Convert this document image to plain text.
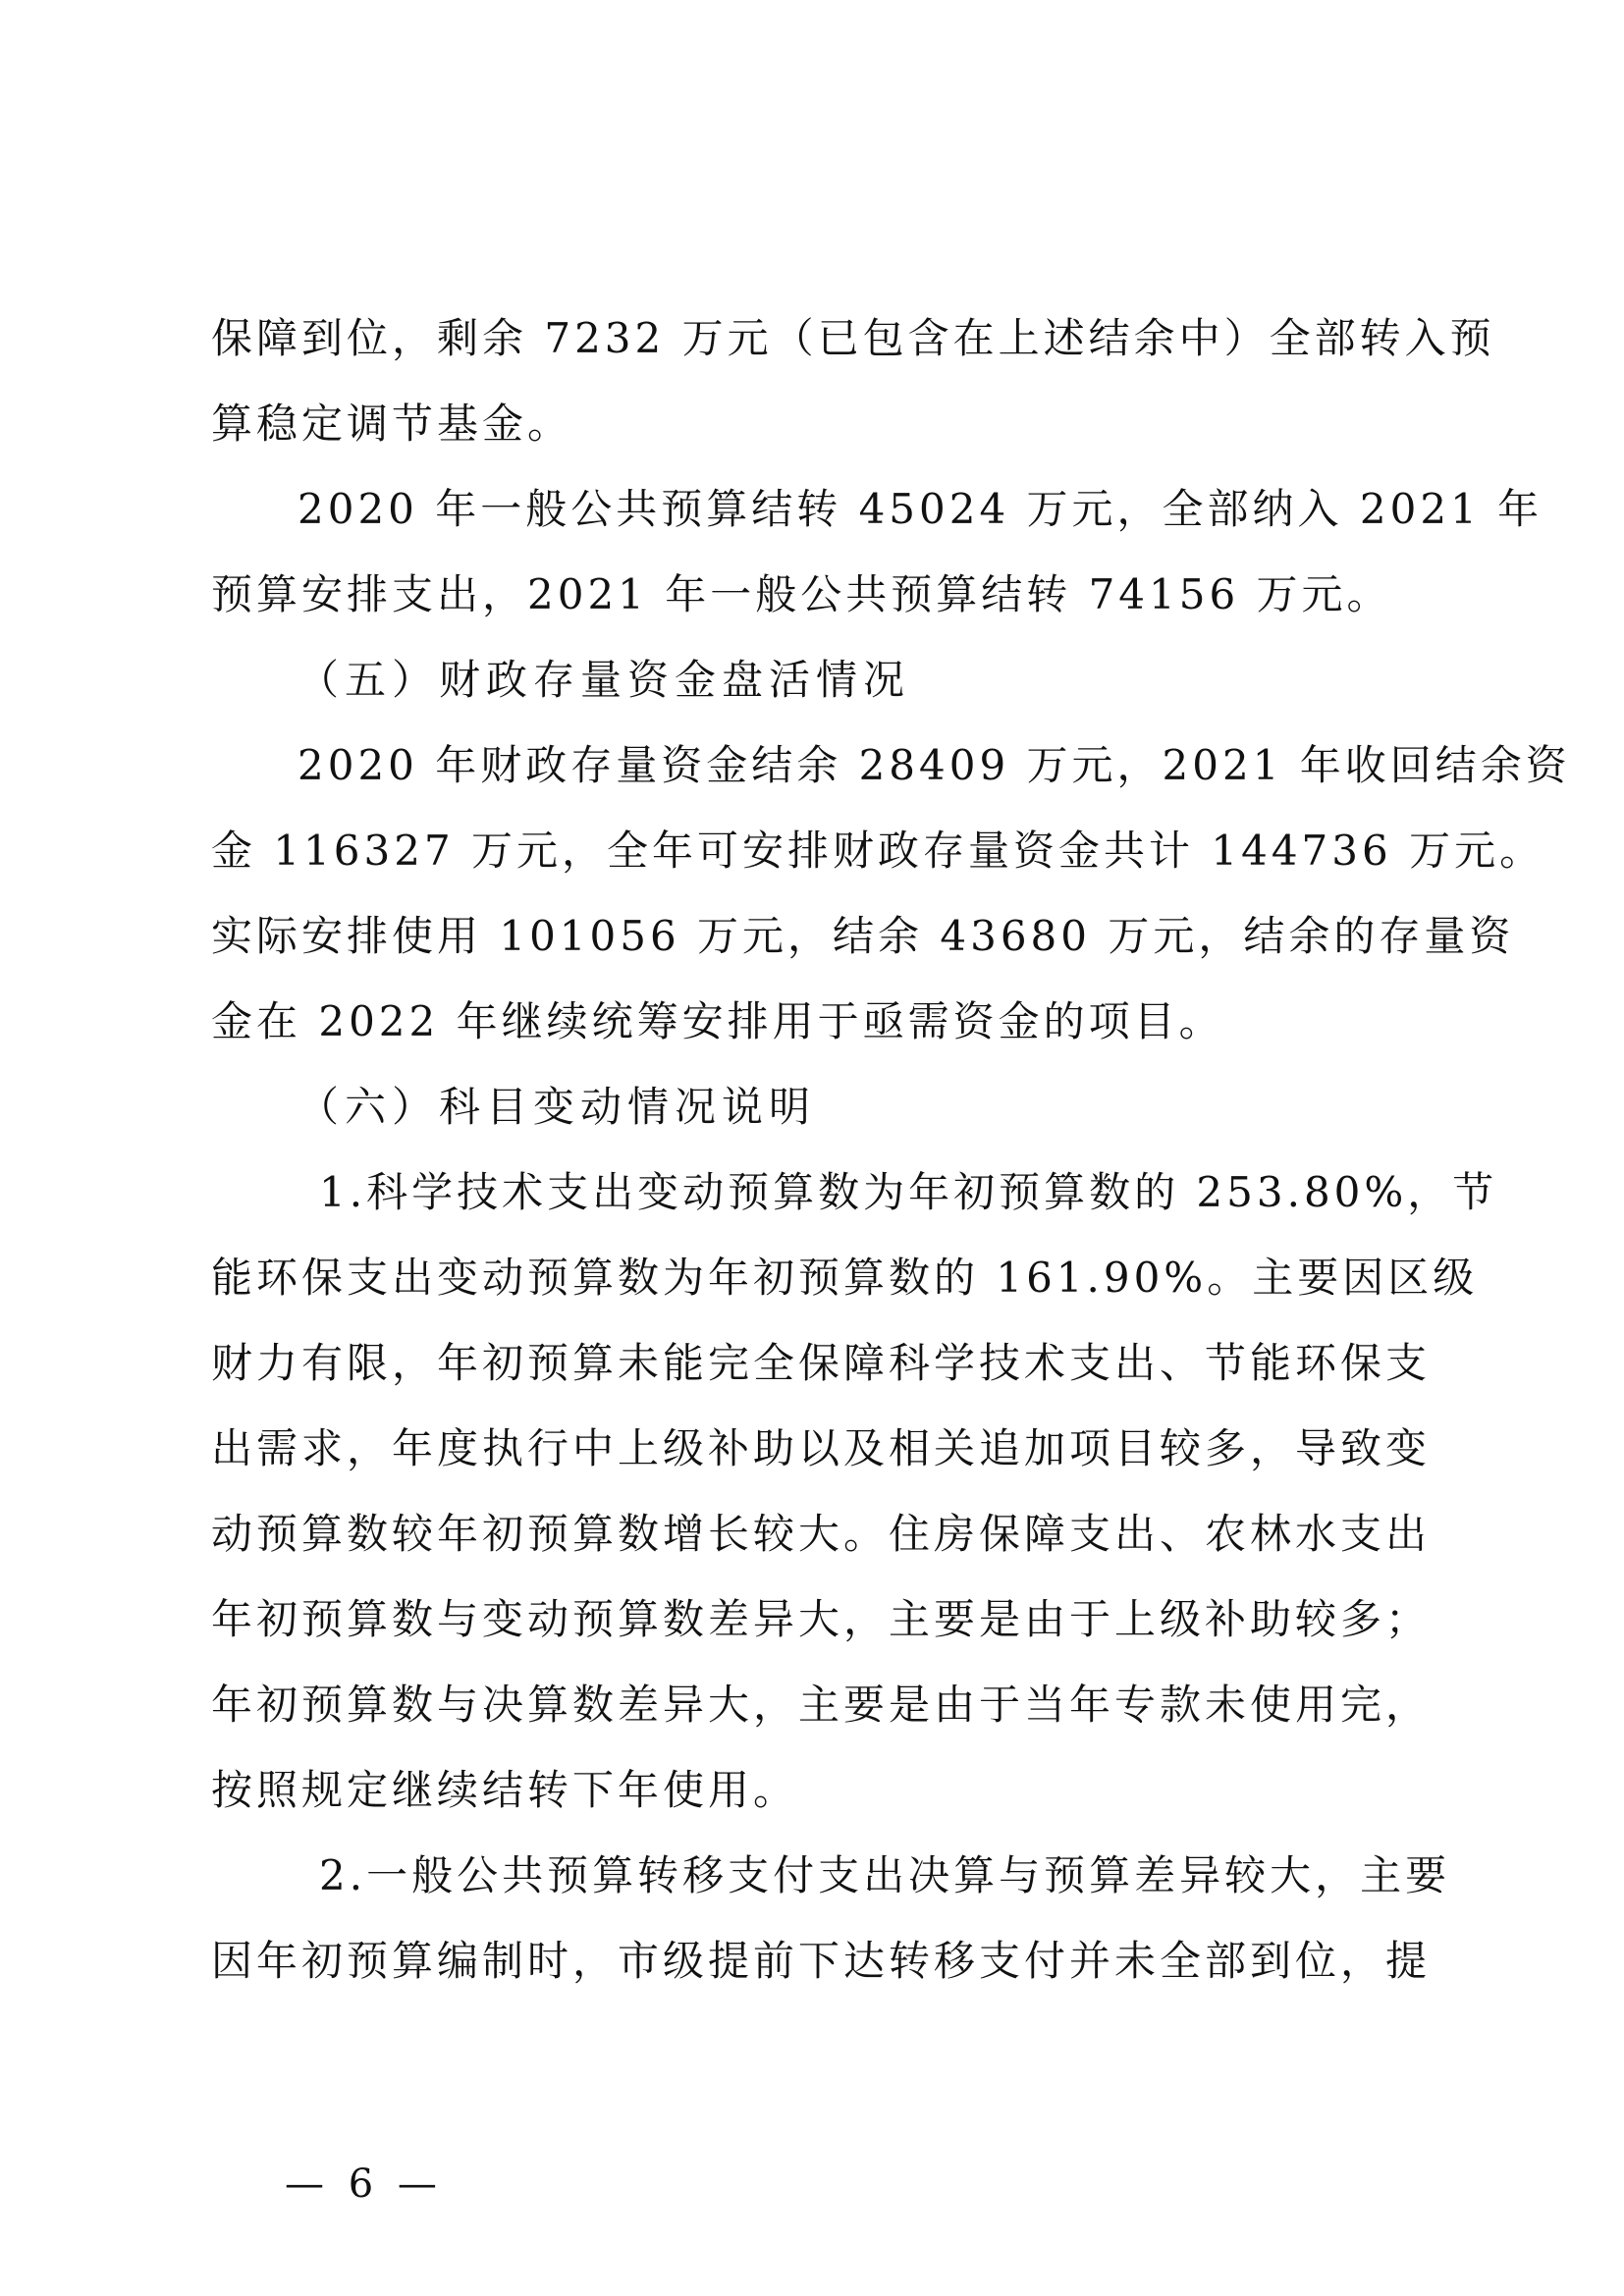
保障到位，剩余 7232 万元（已包含在上述结余中）全部转入预
算稳定调节基金。
2020 年一般公共预算结转 45024 万元，全部纳入 2021 年
预算安排支出，2021 年一般公共预算结转 74156 万元。
（五）财政存量资金盘活情况
2020 年财政存量资金结余 28409 万元，2021 年收回结余资
金 116327 万元，全年可安排财政存量资金共计 144736 万元。
实际安排使用 101056 万元，结余 43680 万元，结余的存量资
金在 2022 年继续统筹安排用于亟需资金的项目。
（六）科目变动情况说明
1.科学技术支出变动预算数为年初预算数的 253.80%，节
能环保支出变动预算数为年初预算数的 161.90%。主要因区级
财力有限，年初预算未能完全保障科学技术支出、节能环保支
出需求，年度执行中上级补助以及相关追加项目较多，导致变
动预算数较年初预算数增长较大。住房保障支出、农林水支出
年初预算数与变动预算数差异大，主要是由于上级补助较多；
年初预算数与决算数差异大，主要是由于当年专款未使用完，
按照规定继续结转下年使用。
2.一般公共预算转移支付支出决算与预算差异较大，主要
因年初预算编制时，市级提前下达转移支付并未全部到位，提
— 6 —
